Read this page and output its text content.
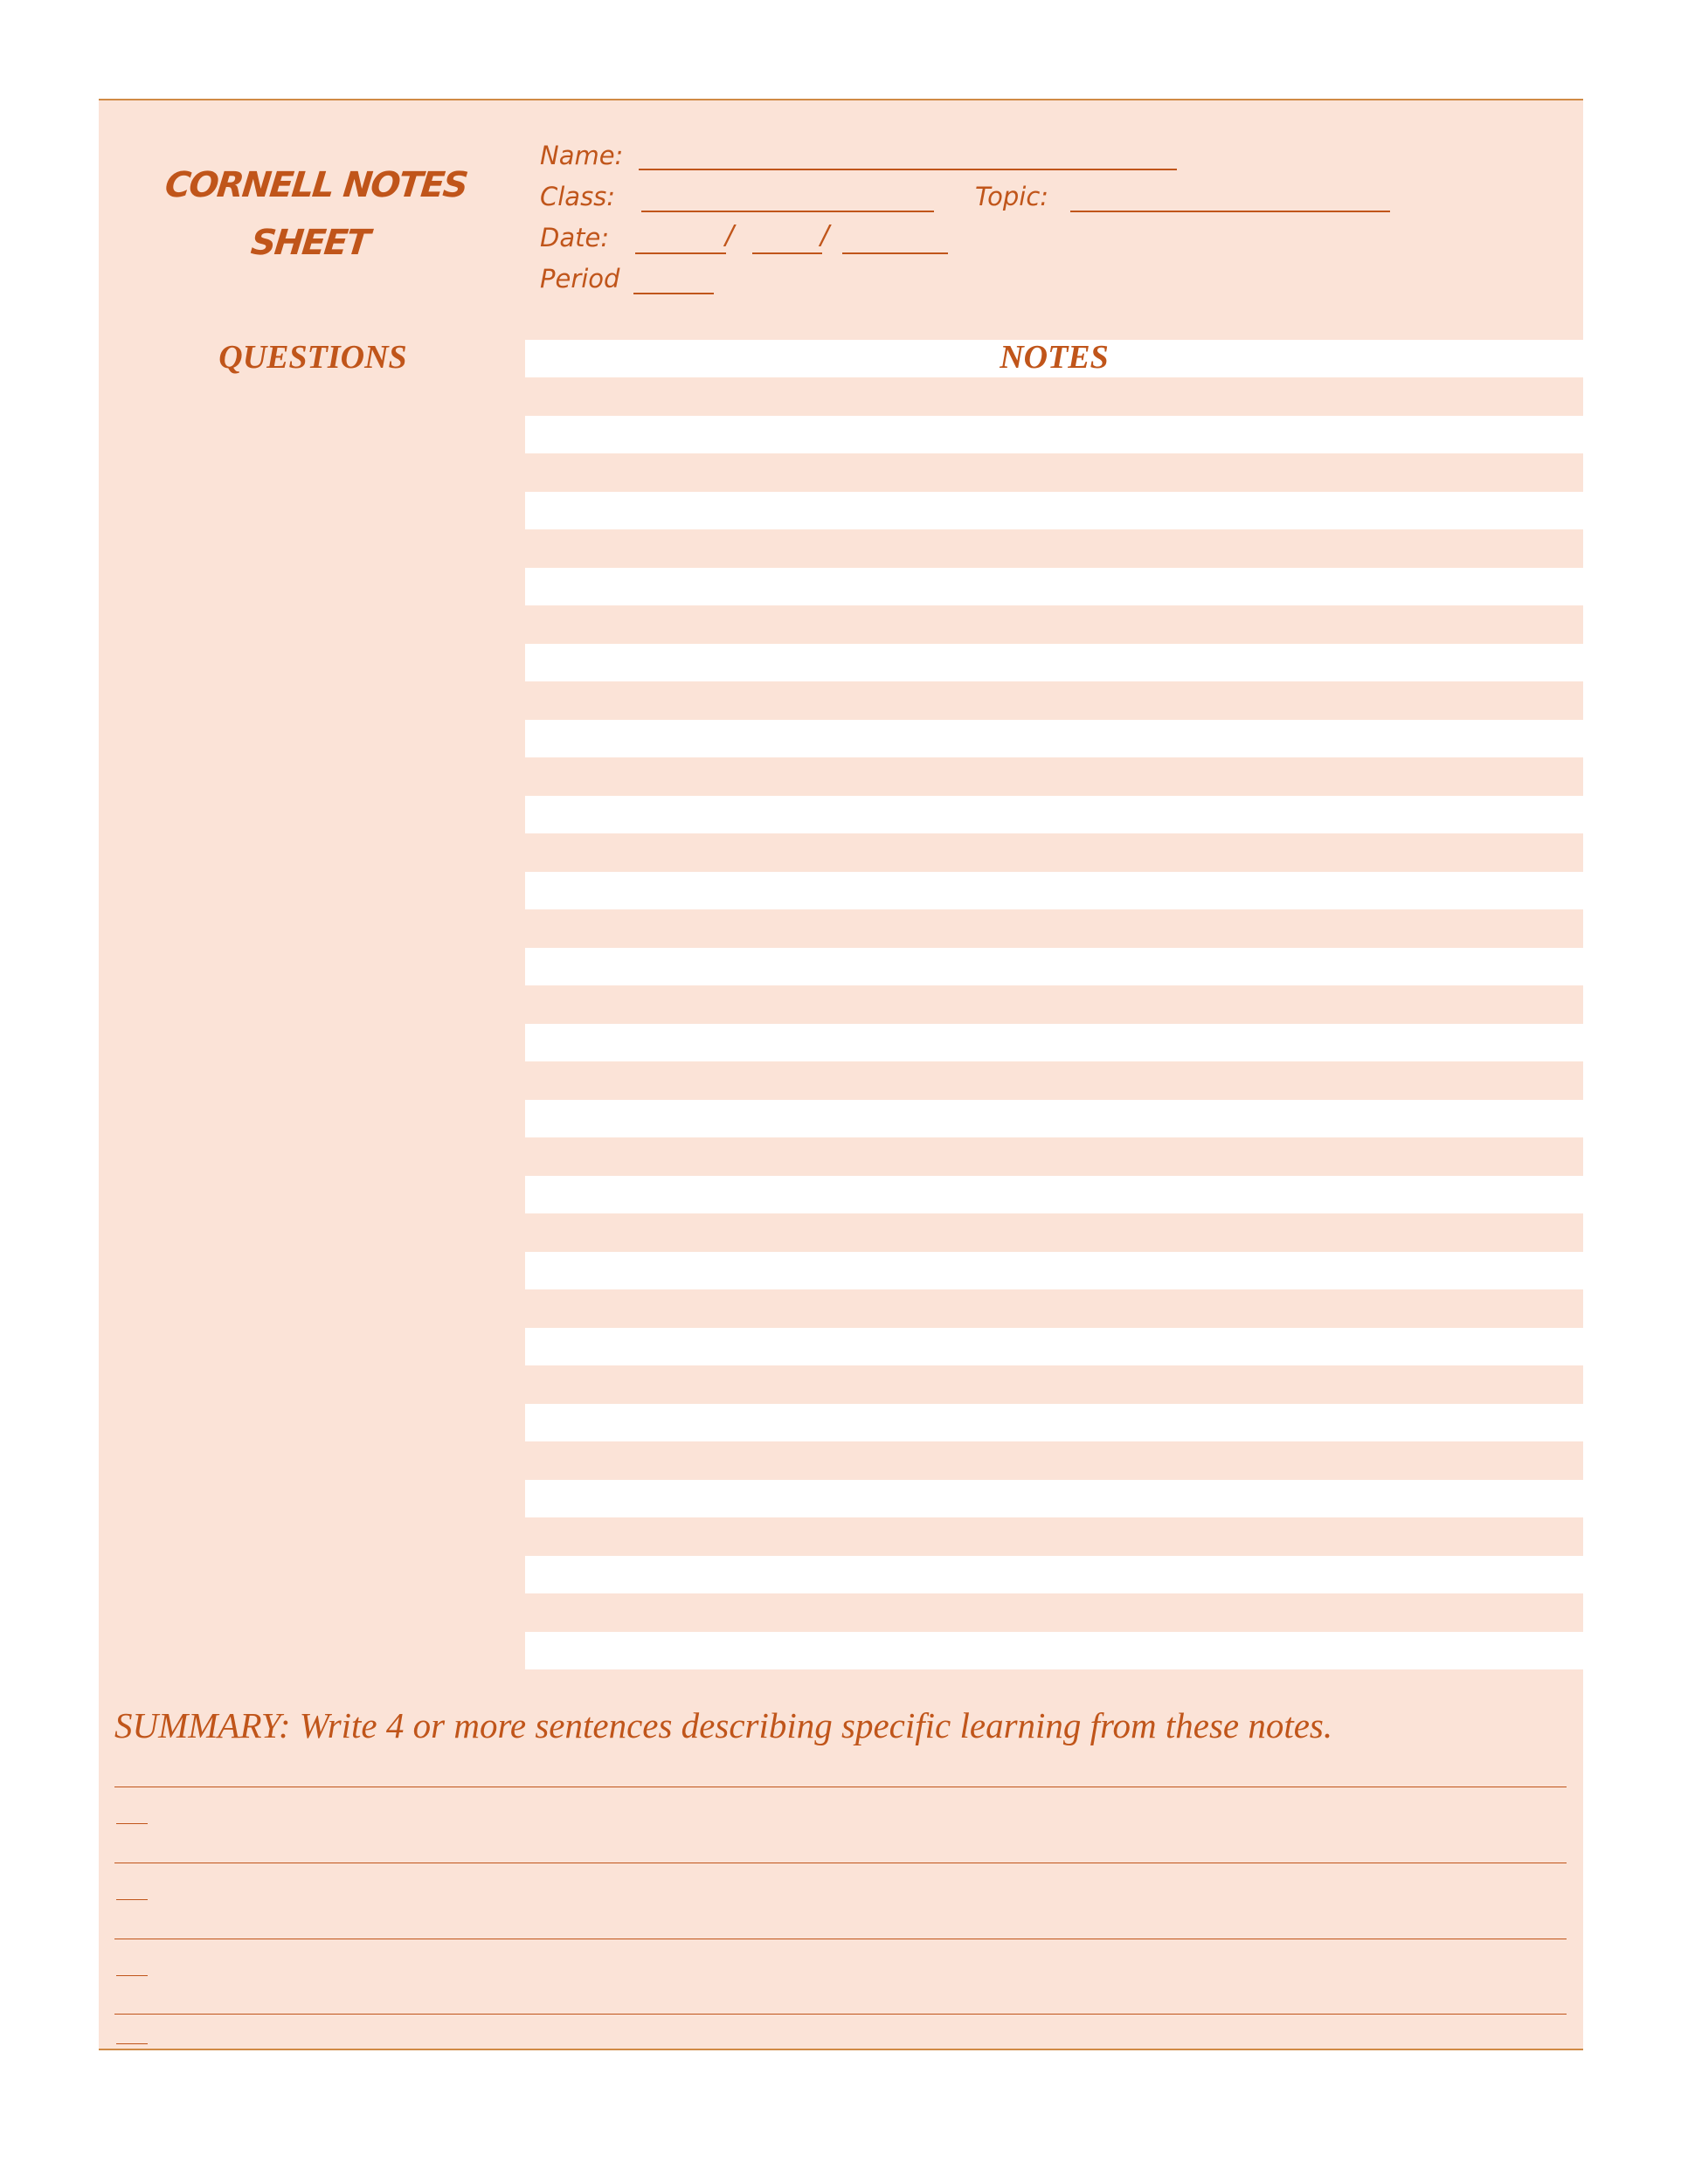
CORNELL NOTES
SHEET
Name:
Class:	Topic:
Date:	/	/
Period
QUESTIONS	NOTES
SUMMARY: Write 4 or more sentences describing specific learning from these notes.
